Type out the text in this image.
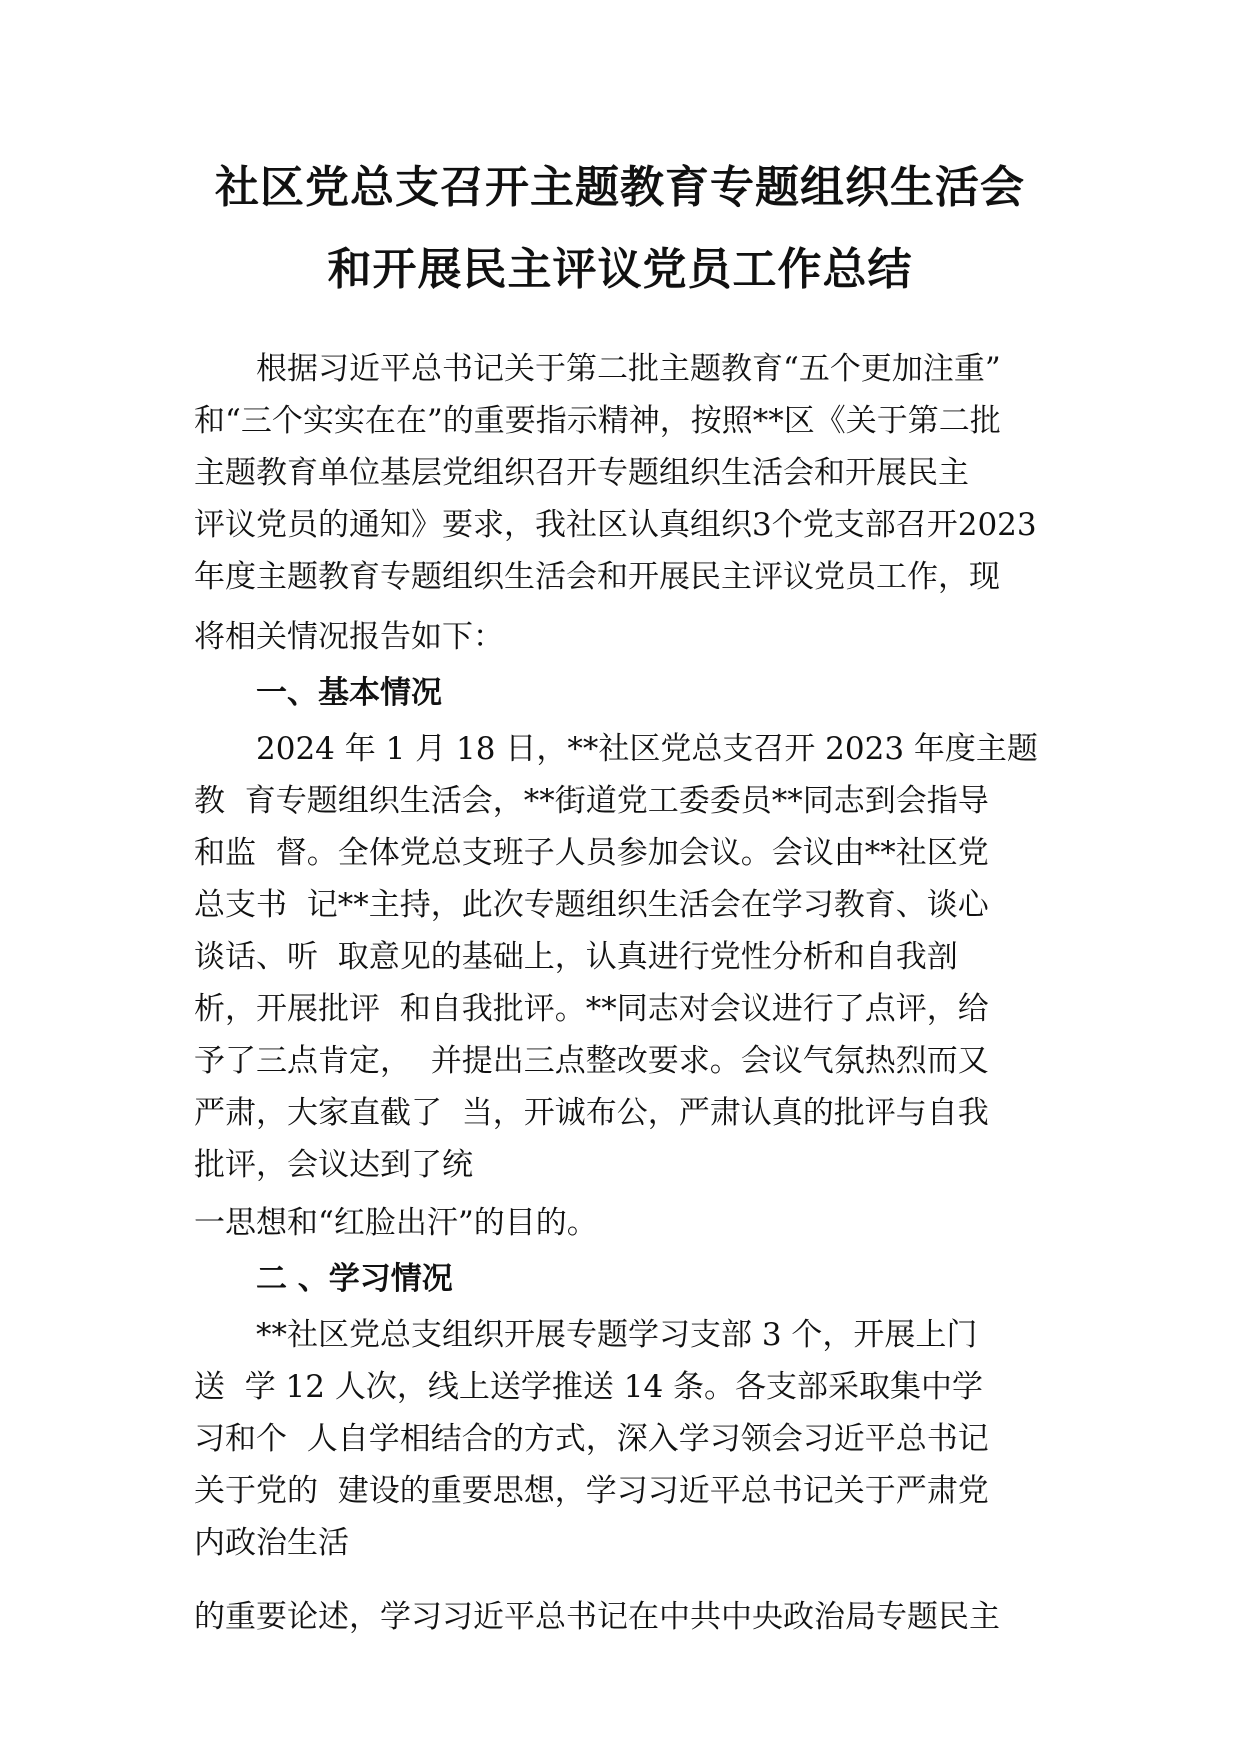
社区党总支召开主题教育专题组织生活会
和开展民主评议党员工作总结

根据习近平总书记关于第二批主题教育“五个更加注重”

和“三个实实在在”的重要指示精神，按照**区《关于第二批

主题教育单位基层党组织召开专题组织生活会和开展民主

评议党员的通知》要求，我社区认真组织3个党支部召开2023

年度主题教育专题组织生活会和开展民主评议党员工作，现

将相关情况报告如下：

一、基本情况

2024 年 1 月 18 日，**社区党总支召开 2023 年度主题

教  育专题组织生活会，**街道党工委委员**同志到会指导

和监  督。全体党总支班子人员参加会议。会议由**社区党

总支书  记**主持，此次专题组织生活会在学习教育、谈心

谈话、听  取意见的基础上，认真进行党性分析和自我剖

析，开展批评  和自我批评。**同志对会议进行了点评，给

予了三点肯定，  并提出三点整改要求。会议气氛热烈而又

严肃，大家直截了  当，开诚布公，严肃认真的批评与自我

批评，会议达到了统

一思想和“红脸出汗”的目的。

二 、学习情况

**社区党总支组织开展专题学习支部 3 个，开展上门

送  学 12 人次，线上送学推送 14 条。各支部采取集中学

习和个  人自学相结合的方式，深入学习领会习近平总书记

关于党的  建设的重要思想，学习习近平总书记关于严肃党

内政治生活

的重要论述，学习习近平总书记在中共中央政治局专题民主
